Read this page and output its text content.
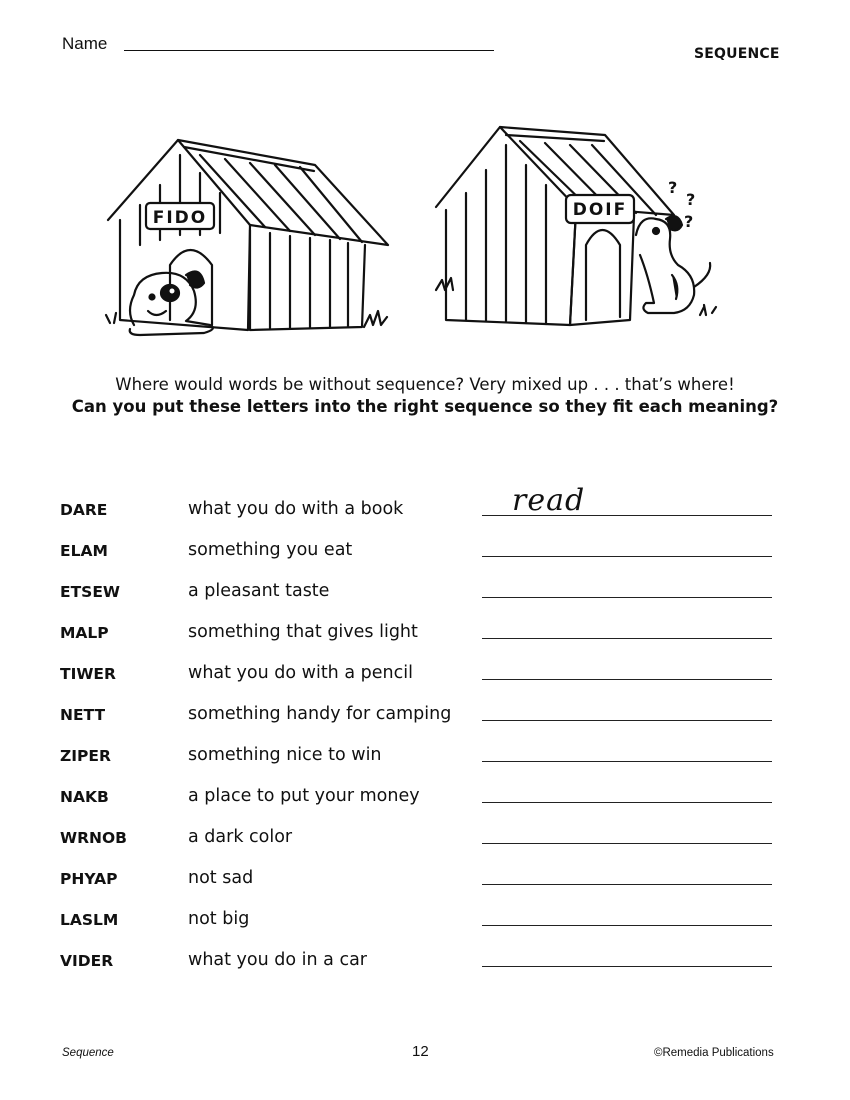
Name
SEQUENCE
FIDO	DOIF
?
?
?
Where would words be without sequence? Very mixed up . . . that’s where!
Can you put these letters into the right sequence so they fit each meaning?
DARE	what you do with a book	read
ELAM	something you eat
ETSEW	a pleasant taste
MALP	something that gives light
TIWER	what you do with a pencil
NETT	something handy for camping
ZIPER	something nice to win
NAKB	a place to put your money
WRNOB	a dark color
PHYAP	not sad
LASLM	not big
VIDER	what you do in a car
Sequence	12	©Remedia Publications
